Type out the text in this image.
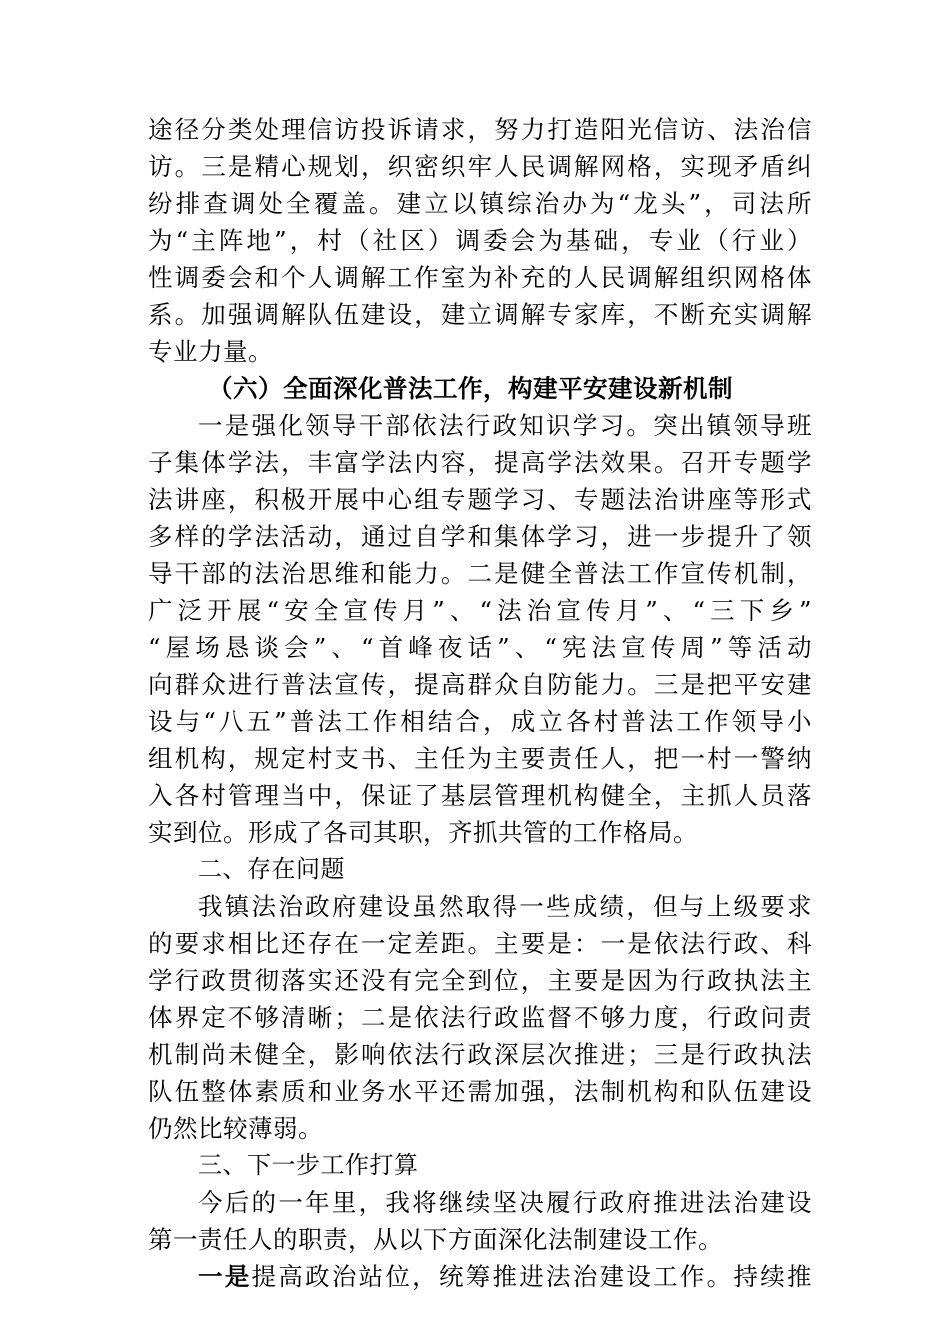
途径分类处理信访投诉请求，努力打造阳光信访、法治信
访。三是精心规划，织密织牢人民调解网格，实现矛盾纠
纷排查调处全覆盖。建立以镇综治办为“龙头”，司法所
为“主阵地”，村（社区）调委会为基础，专业（行业）
性调委会和个人调解工作室为补充的人民调解组织网格体
系。加强调解队伍建设，建立调解专家库，不断充实调解
专业力量。
（六）全面深化普法工作，构建平安建设新机制
一是强化领导干部依法行政知识学习。突出镇领导班
子集体学法，丰富学法内容，提高学法效果。召开专题学
法讲座，积极开展中心组专题学习、专题法治讲座等形式
多样的学法活动，通过自学和集体学习，进一步提升了领
导干部的法治思维和能力。二是健全普法工作宣传机制，
广泛开展“安全宣传月”、“法治宣传月”、“三下乡”
“屋场恳谈会”、“首峰夜话”、“宪法宣传周”等活动
向群众进行普法宣传，提高群众自防能力。三是把平安建
设与“八五”普法工作相结合，成立各村普法工作领导小
组机构，规定村支书、主任为主要责任人，把一村一警纳
入各村管理当中，保证了基层管理机构健全，主抓人员落
实到位。形成了各司其职，齐抓共管的工作格局。
二、存在问题
我镇法治政府建设虽然取得一些成绩，但与上级要求
的要求相比还存在一定差距。主要是：一是依法行政、科
学行政贯彻落实还没有完全到位，主要是因为行政执法主
体界定不够清晰；二是依法行政监督不够力度，行政问责
机制尚未健全，影响依法行政深层次推进；三是行政执法
队伍整体素质和业务水平还需加强，法制机构和队伍建设
仍然比较薄弱。
三、下一步工作打算
今后的一年里，我将继续坚决履行政府推进法治建设
第一责任人的职责，从以下方面深化法制建设工作。
一是提高政治站位，统筹推进法治建设工作。持续推
